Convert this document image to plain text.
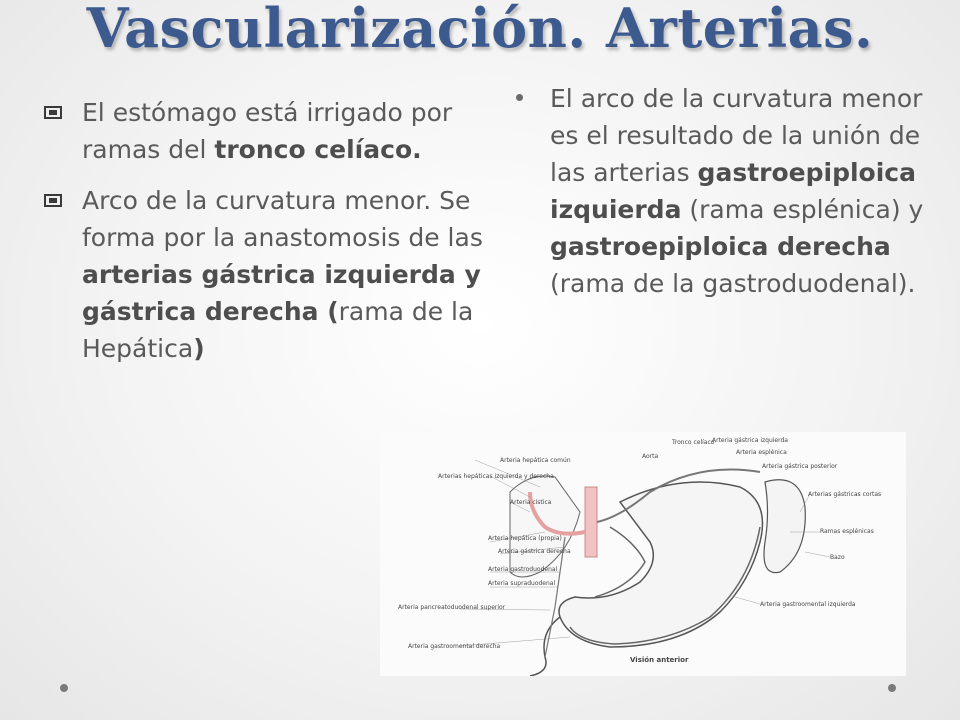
Vascularización. Arterias.
El estómago está irrigado por ramas del tronco celíaco.
Arco de la curvatura menor. Se forma por la anastomosis de las arterias gástrica izquierda y gástrica derecha (rama de la Hepática)
El arco de la curvatura menor es el resultado de la unión de las arterias gastroepiploica izquierda (rama esplénica) y gastroepiploica derecha (rama de la gastroduodenal).
Arteria hepática común
Arterias hepáticas izquierda y derecha
Arteria cística
Arteria hepática (propia)
Arteria gástrica derecha
Arteria gastroduodenal
Arteria supraduodenal
Arteria pancreatoduodenal superior
Arteria gastroomental derecha
Aorta
Tronco celíaco
Arteria gástrica izquierda
Arteria esplénica
Arteria gástrica posterior
Arterias gástricas cortas
Ramas esplénicas
Bazo
Arteria gastroomental izquierda
Visión anterior
